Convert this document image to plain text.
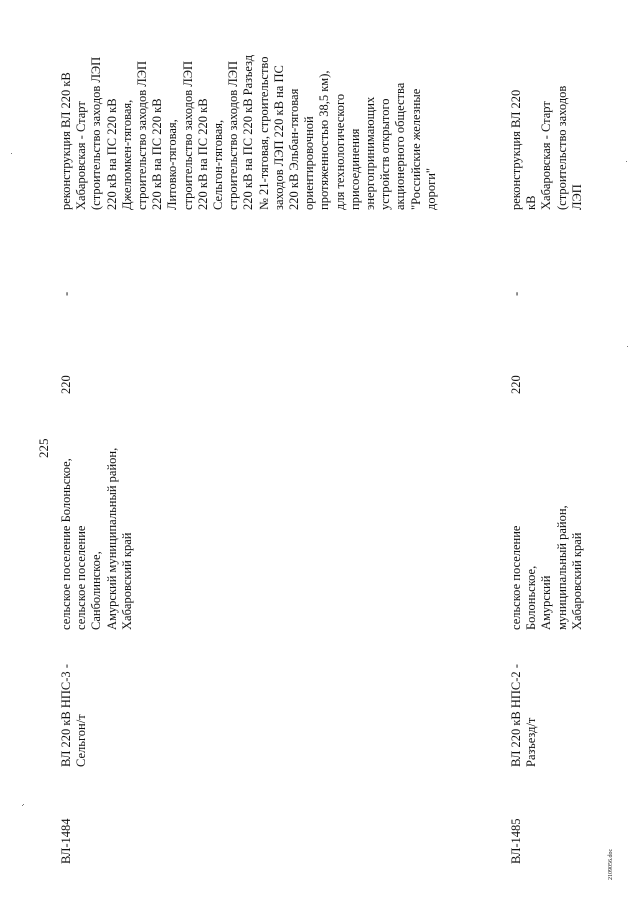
225
ВЛ-1484
ВЛ 220 кВ НПС-3 -
Сельгон/т
сельское поселение Болоньское,
сельское поселение
Санболинское,
Амурский муниципальный район,
Хабаровский край
220
-
реконструкция ВЛ 220 кВ
Хабаровская - Старт
(строительство заходов ЛЭП
220 кВ на ПС 220 кВ
Джелюмкен-тяговая,
строительство заходов ЛЭП
220 кВ на ПС 220 кВ
Литовко-тяговая,
строительство заходов ЛЭП
220 кВ на ПС 220 кВ
Сельгон-тяговая,
строительство заходов ЛЭП
220 кВ на ПС 220 кВ Разъезд
№ 21-тяговая, строительство
заходов ЛЭП 220 кВ на ПС
220 кВ Эльбан-тяговая
ориентировочной
протяженностью 38,5 км),
для технологического
присоединения
энергопринимающих
устройств открытого
акционерного общества
"Российские железные
дороги"
ВЛ-1485
ВЛ 220 кВ НПС-2 -
Разъезд/т
сельское поселение Болоньское,
Амурский муниципальный район,
Хабаровский край
220
-
реконструкция ВЛ 220 кВ
Хабаровская - Старт
(строительство заходов ЛЭП
2109056.doc
